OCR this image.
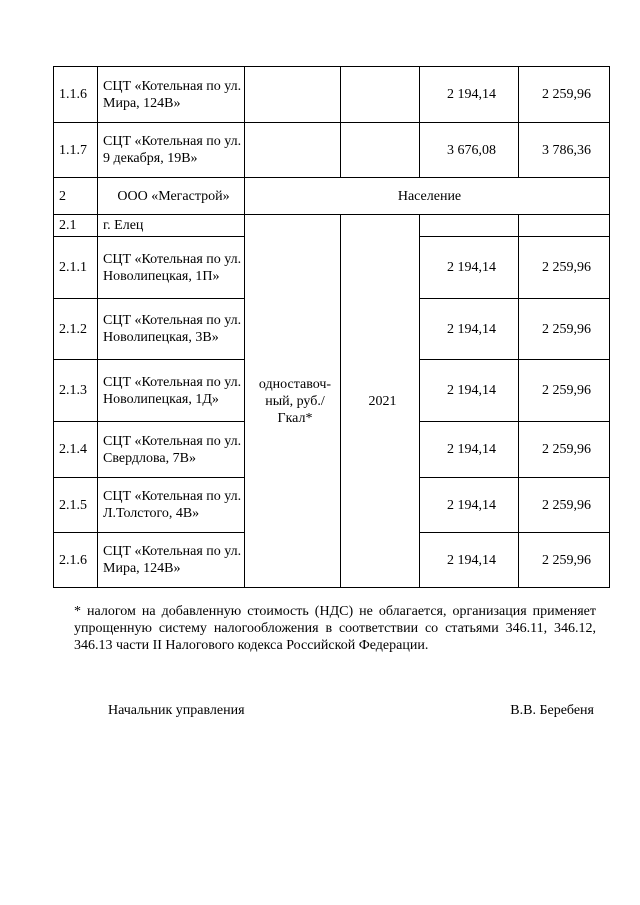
1.1.6	СЦТ «Котельная по ул. Мира, 124В»			2 194,14	2 259,96
1.1.7	СЦТ «Котельная по ул. 9 декабря, 19В»			3 676,08	3 786,36
2	ООО «Мегастрой»	Население			
2.1	г. Елец	одноставоч-ный, руб./Гкал*	2021		
2.1.1	СЦТ «Котельная по ул. Новолипецкая, 1П»			2 194,14	2 259,96
2.1.2	СЦТ «Котельная по ул. Новолипецкая, 3В»			2 194,14	2 259,96
2.1.3	СЦТ «Котельная по ул. Новолипецкая, 1Д»			2 194,14	2 259,96
2.1.4	СЦТ «Котельная по ул. Свердлова, 7В»			2 194,14	2 259,96
2.1.5	СЦТ «Котельная по ул. Л.Толстого, 4В»			2 194,14	2 259,96
2.1.6	СЦТ «Котельная по ул. Мира, 124В»			2 194,14	2 259,96

* налогом на добавленную стоимость (НДС) не облагается, организация применяет упрощенную систему налогообложения в соответствии со статьями 346.11, 346.12, 346.13 части II Налогового кодекса Российской Федерации.

Начальник управления	В.В. Беребеня
